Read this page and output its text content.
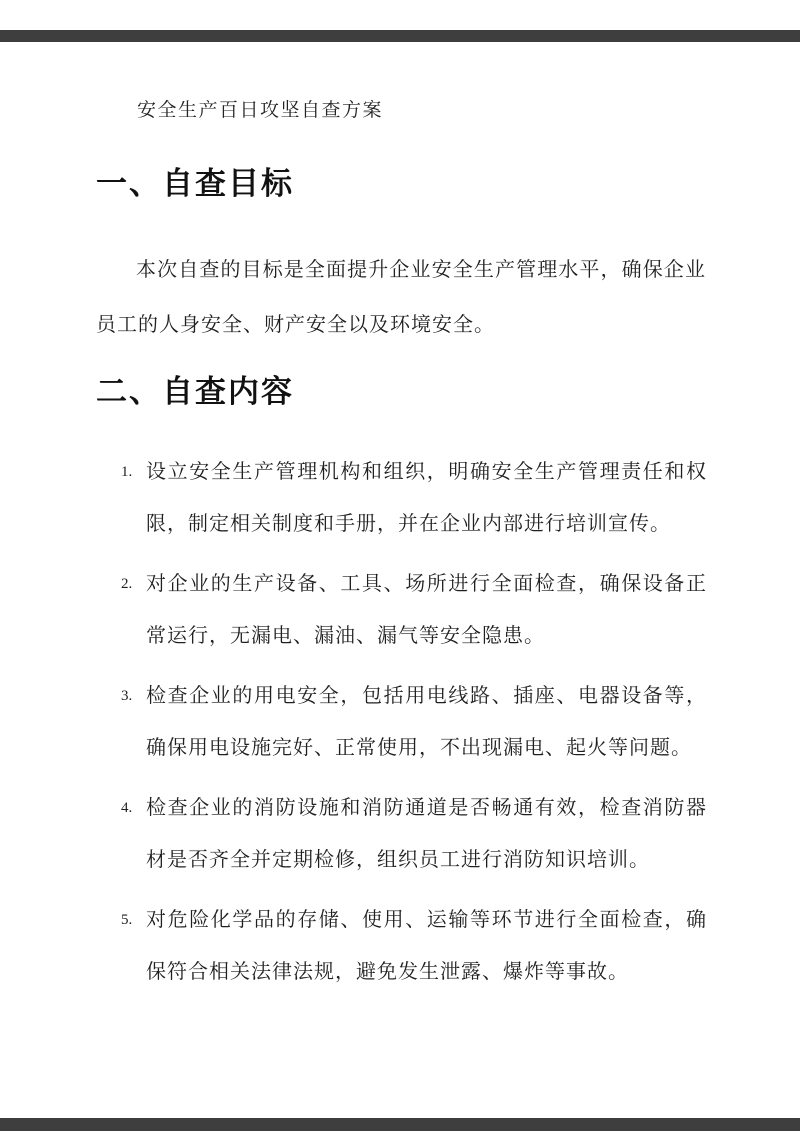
安全生产百日攻坚自查方案
一、自查目标

本次自查的目标是全面提升企业安全生产管理水平，确保企业员工的人身安全、财产安全以及环境安全。

二、自查内容
1. 设立安全生产管理机构和组织，明确安全生产管理责任和权限，制定相关制度和手册，并在企业内部进行培训宣传。
2. 对企业的生产设备、工具、场所进行全面检查，确保设备正常运行，无漏电、漏油、漏气等安全隐患。
3. 检查企业的用电安全，包括用电线路、插座、电器设备等，确保用电设施完好、正常使用，不出现漏电、起火等问题。
4. 检查企业的消防设施和消防通道是否畅通有效，检查消防器材是否齐全并定期检修，组织员工进行消防知识培训。
5. 对危险化学品的存储、使用、运输等环节进行全面检查，确保符合相关法律法规，避免发生泄露、爆炸等事故。
